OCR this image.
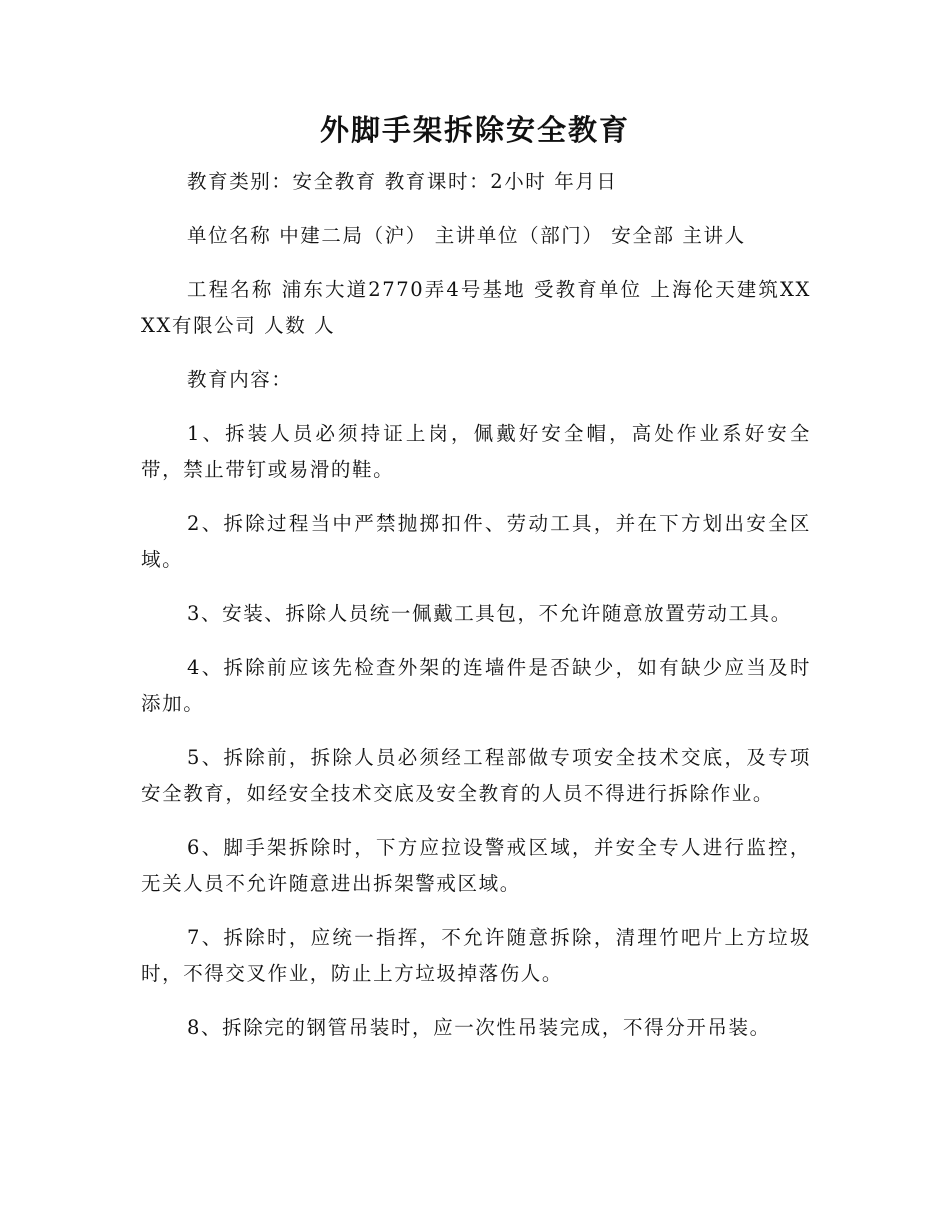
外脚手架拆除安全教育

教育类别：安全教育 教育课时：2小时 年月日

单位名称 中建二局（沪） 主讲单位（部门） 安全部 主讲人

工程名称 浦东大道2770弄4号基地 受教育单位 上海伦天建筑XXXX有限公司 人数 人

教育内容：

1、拆装人员必须持证上岗，佩戴好安全帽，高处作业系好安全带，禁止带钉或易滑的鞋。

2、拆除过程当中严禁抛掷扣件、劳动工具，并在下方划出安全区域。

3、安装、拆除人员统一佩戴工具包，不允许随意放置劳动工具。

4、拆除前应该先检查外架的连墙件是否缺少，如有缺少应当及时添加。

5、拆除前，拆除人员必须经工程部做专项安全技术交底，及专项安全教育，如经安全技术交底及安全教育的人员不得进行拆除作业。

6、脚手架拆除时，下方应拉设警戒区域，并安全专人进行监控，无关人员不允许随意进出拆架警戒区域。

7、拆除时，应统一指挥，不允许随意拆除，清理竹吧片上方垃圾时，不得交叉作业，防止上方垃圾掉落伤人。

8、拆除完的钢管吊装时，应一次性吊装完成，不得分开吊装。
